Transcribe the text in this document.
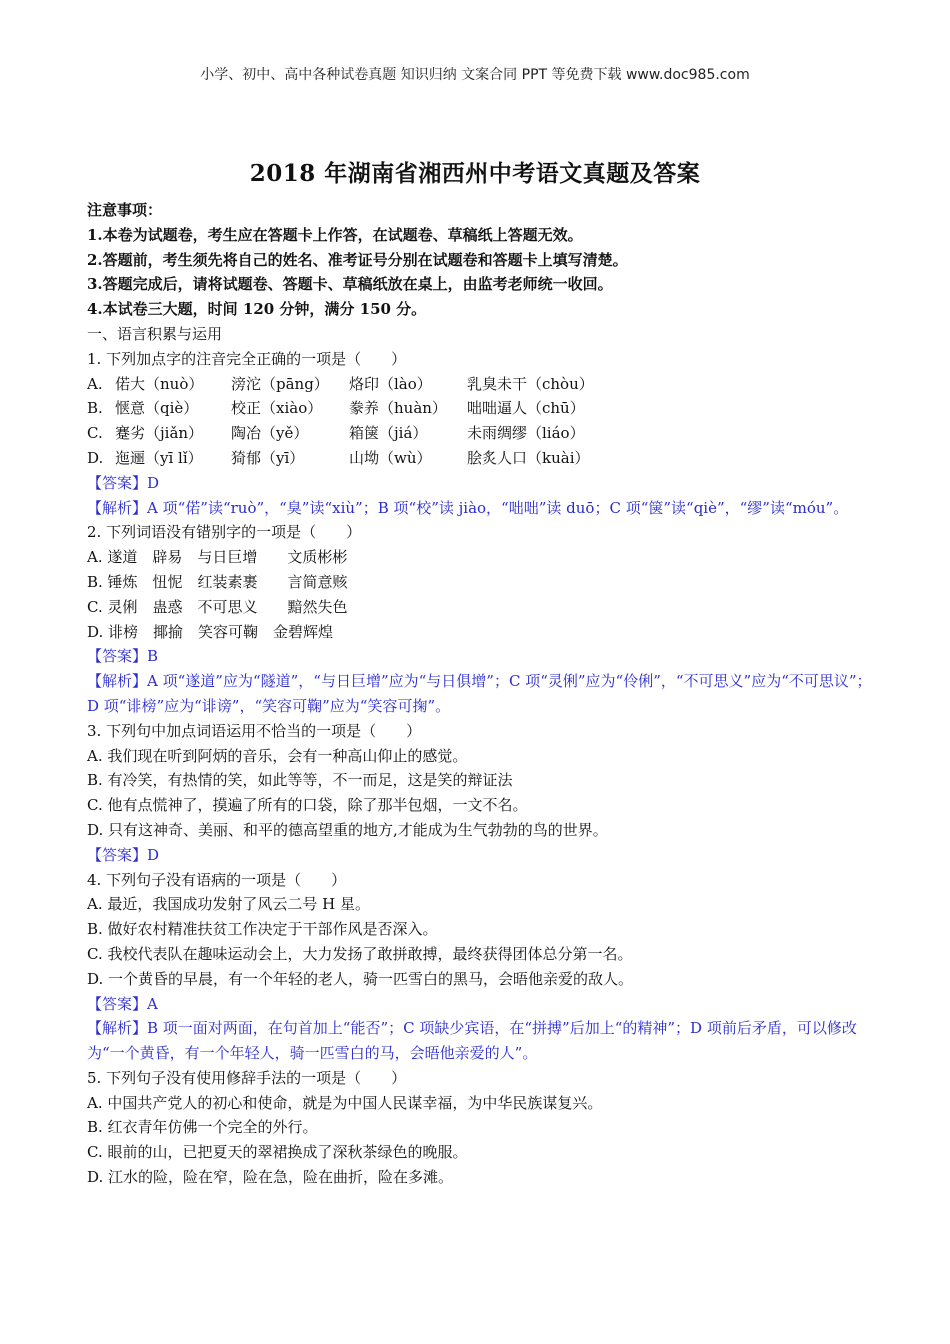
小学、初中、高中各种试卷真题 知识归纳 文案合同 PPT 等免费下载 www.doc985.com
2018 年湖南省湘西州中考语文真题及答案
注意事项：
1.本卷为试题卷，考生应在答题卡上作答，在试题卷、草稿纸上答题无效。
2.答题前，考生须先将自己的姓名、准考证号分别在试题卷和答题卡上填写清楚。
3.答题完成后，请将试题卷、答题卡、草稿纸放在桌上，由监考老师统一收回。
4.本试卷三大题，时间 120 分钟，满分 150 分。
一、语言积累与运用
1. 下列加点字的注音完全正确的一项是（　　）
A. 偌大（nuò）	滂沱（pāng）	烙印（lào）	乳臭未干（chòu）
B. 惬意（qiè）	校正（xiào）	豢养（huàn）	咄咄逼人（chū）
C. 蹇劣（jiǎn）	陶冶（yě）	箱箧（jiá）	未雨绸缪（liáo）
D. 迤逦（yī lǐ）	猗郁（yī）	山坳（wù）	脍炙人口（kuài）
【答案】D
【解析】A 项“偌”读“ruò”，“臭”读“xiù”；B 项“校”读 jiào，“咄咄”读 duō；C 项“箧”读“qiè”，“缪”读“móu”。
2. 下列词语没有错别字的一项是（　　）
A. 遂道　辟易　与日巨增　　文质彬彬
B. 锤炼　忸怩　红装素裹　　言简意赅
C. 灵俐　蛊惑　不可思义　　黯然失色
D. 诽榜　揶揄　笑容可鞠　金碧辉煌
【答案】B
【解析】A 项“遂道”应为“隧道”，“与日巨增”应为“与日俱增”；C 项“灵俐”应为“伶俐”，“不可思义”应为“不可思议”；D 项“诽榜”应为“诽谤”，“笑容可鞠”应为“笑容可掬”。
3. 下列句中加点词语运用不恰当的一项是（　　）
A. 我们现在听到阿炳的音乐，会有一种高山仰止的感觉。
B. 有冷笑，有热情的笑，如此等等，不一而足，这是笑的辩证法
C. 他有点慌神了，摸遍了所有的口袋，除了那半包烟，一文不名。
D. 只有这神奇、美丽、和平的德高望重的地方,才能成为生气勃勃的鸟的世界。
【答案】D
4. 下列句子没有语病的一项是（　　）
A. 最近，我国成功发射了风云二号 H 星。
B. 做好农村精准扶贫工作决定于干部作风是否深入。
C. 我校代表队在趣味运动会上，大力发扬了敢拼敢搏，最终获得团体总分第一名。
D. 一个黄昏的早晨，有一个年轻的老人，骑一匹雪白的黑马，会晤他亲爱的敌人。
【答案】A
【解析】B 项一面对两面，在句首加上“能否”；C 项缺少宾语，在“拼搏”后加上“的精神”；D 项前后矛盾，可以修改为“一个黄昏，有一个年轻人，骑一匹雪白的马，会晤他亲爱的人”。
5. 下列句子没有使用修辞手法的一项是（　　）
A. 中国共产党人的初心和使命，就是为中国人民谋幸福，为中华民族谋复兴。
B. 红衣青年仿佛一个完全的外行。
C. 眼前的山，已把夏天的翠裙换成了深秋茶绿色的晚服。
D. 江水的险，险在窄，险在急，险在曲折，险在多滩。
